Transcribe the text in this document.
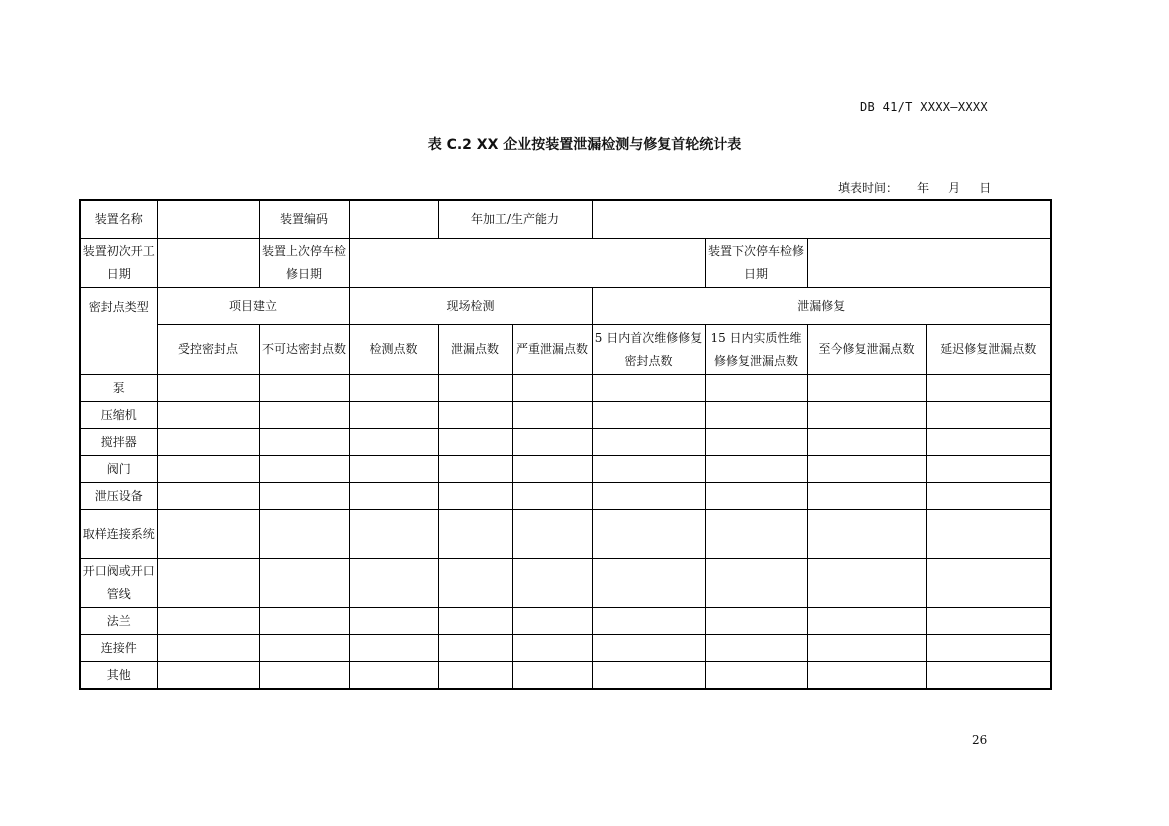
DB 41/T XXXX—XXXX
表 C.2 XX 企业按装置泄漏检测与修复首轮统计表
填表时间：     年     月     日
装置名称		装置编码		年加工/生产能力					
装置初次开工日期		装置上次停车检修日期					装置下次停车检修日期		
密封点类型	项目建立		现场检测			泄漏修复			
	受控密封点	不可达密封点数	检测点数	泄漏点数	严重泄漏点数	5 日内首次维修修复密封点数	15 日内实质性维修修复泄漏点数	至今修复泄漏点数	延迟修复泄漏点数
泵									
压缩机									
搅拌器									
阀门									
泄压设备									
取样连接系统									
开口阀或开口管线									
法兰									
连接件									
其他									
26
